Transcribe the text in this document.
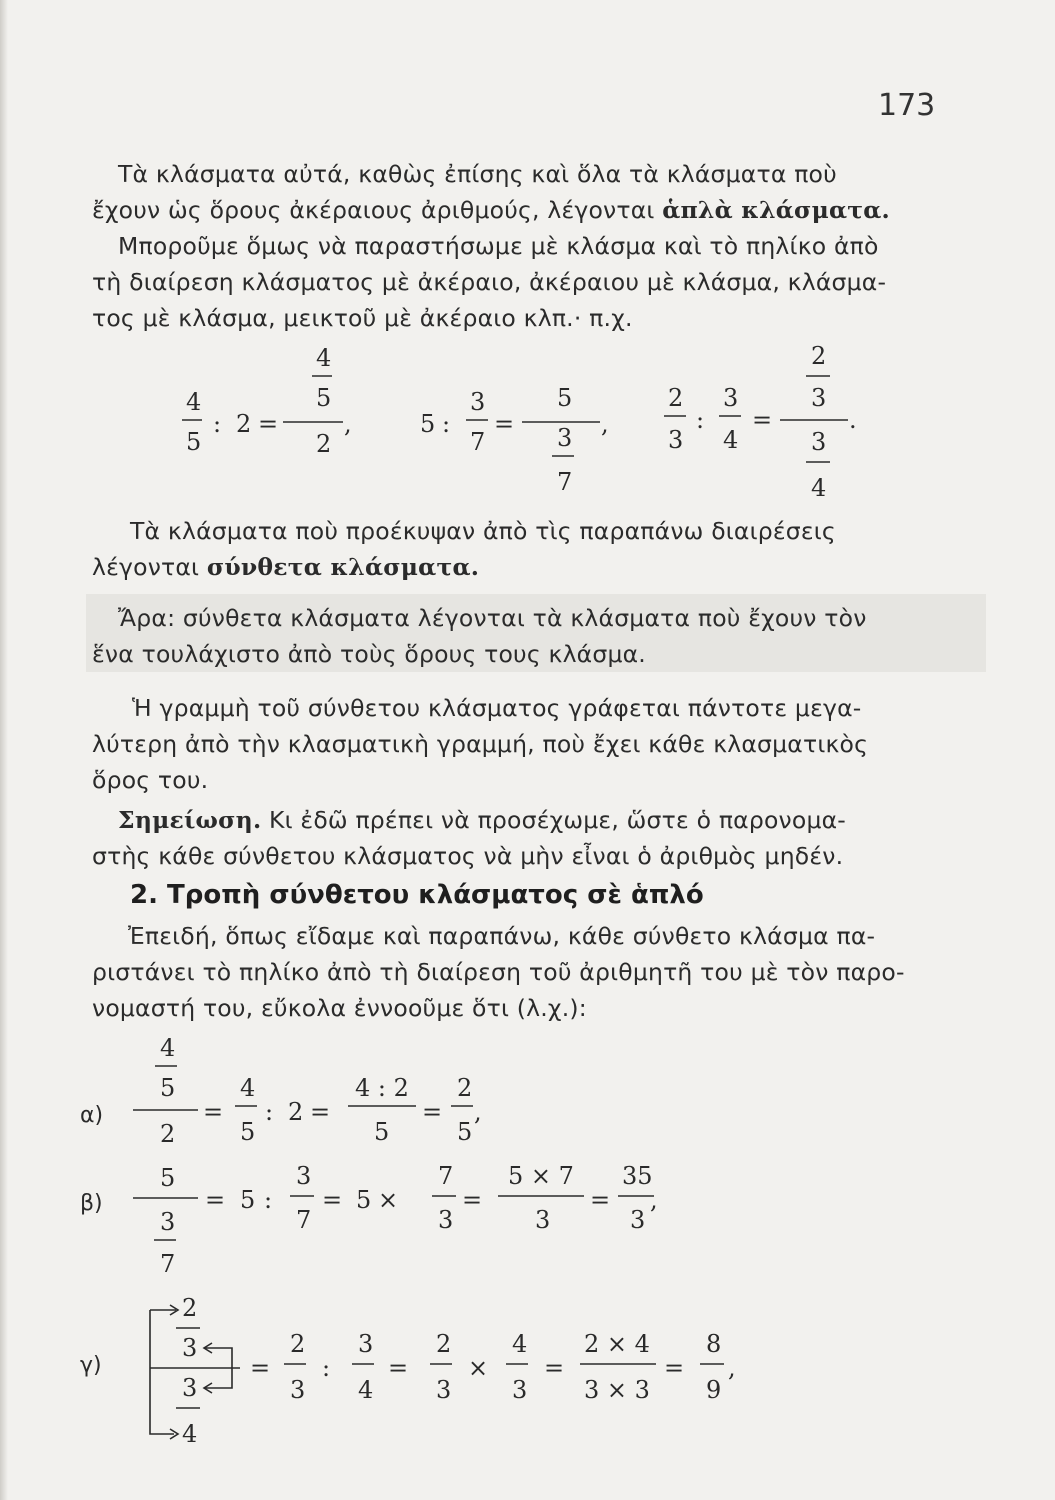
173
Τὰ κλάσματα αὐτά, καθὼς ἐπίσης καὶ ὅλα τὰ κλάσματα ποὺ
ἔχουν ὡς ὅρους ἀκέραιους ἀριθμούς, λέγονται ἁπλὰ κλάσματα.
Μποροῦμε ὅμως νὰ παραστήσωμε μὲ κλάσμα καὶ τὸ πηλίκο ἀπὸ
τὴ διαίρεση κλάσματος μὲ ἀκέραιο, ἀκέραιου μὲ κλάσμα, κλάσμα-
τος μὲ κλάσμα, μεικτοῦ μὲ ἀκέραιο κλπ.· π.χ.
4
5
: 2 =
4
5
2
,	5 :
3
7
=
5
3
7
,
2
3
:
3
4
=
2
3
3
4
.
α)
4
5
2
=
4
5
: 2 =
4 : 2
5
=
2
5
,
β)
5
3
7
= 5 :
3
7
= 5 ×
7
3
=
5 × 7
3
=
35
3
,
γ)
2
3
3
4
=
2
3
:
3
4
=
2
3
×
4
3
=
2 × 4
3 × 3
=
8
9
,
Τὰ κλάσματα ποὺ προέκυψαν ἀπὸ τὶς παραπάνω διαιρέσεις
λέγονται σύνθετα κλάσματα.
Ἄρα: σύνθετα κλάσματα λέγονται τὰ κλάσματα ποὺ ἔχουν τὸν
ἕνα τουλάχιστο ἀπὸ τοὺς ὅρους τους κλάσμα.
Ἡ γραμμὴ τοῦ σύνθετου κλάσματος γράφεται πάντοτε μεγα-
λύτερη ἀπὸ τὴν κλασματικὴ γραμμή, ποὺ ἔχει κάθε κλασματικὸς
ὅρος του.
Σημείωση. Κι ἐδῶ πρέπει νὰ προσέχωμε, ὥστε ὁ παρονομα-
στὴς κάθε σύνθετου κλάσματος νὰ μὴν εἶναι ὁ ἀριθμὸς μηδέν.
2. Τροπὴ σύνθετου κλάσματος σὲ ἁπλό
Ἐπειδή, ὅπως εἴδαμε καὶ παραπάνω, κάθε σύνθετο κλάσμα πα-
ριστάνει τὸ πηλίκο ἀπὸ τὴ διαίρεση τοῦ ἀριθμητῆ του μὲ τὸν παρο-
νομαστή του, εὔκολα ἐννοοῦμε ὅτι (λ.χ.):
